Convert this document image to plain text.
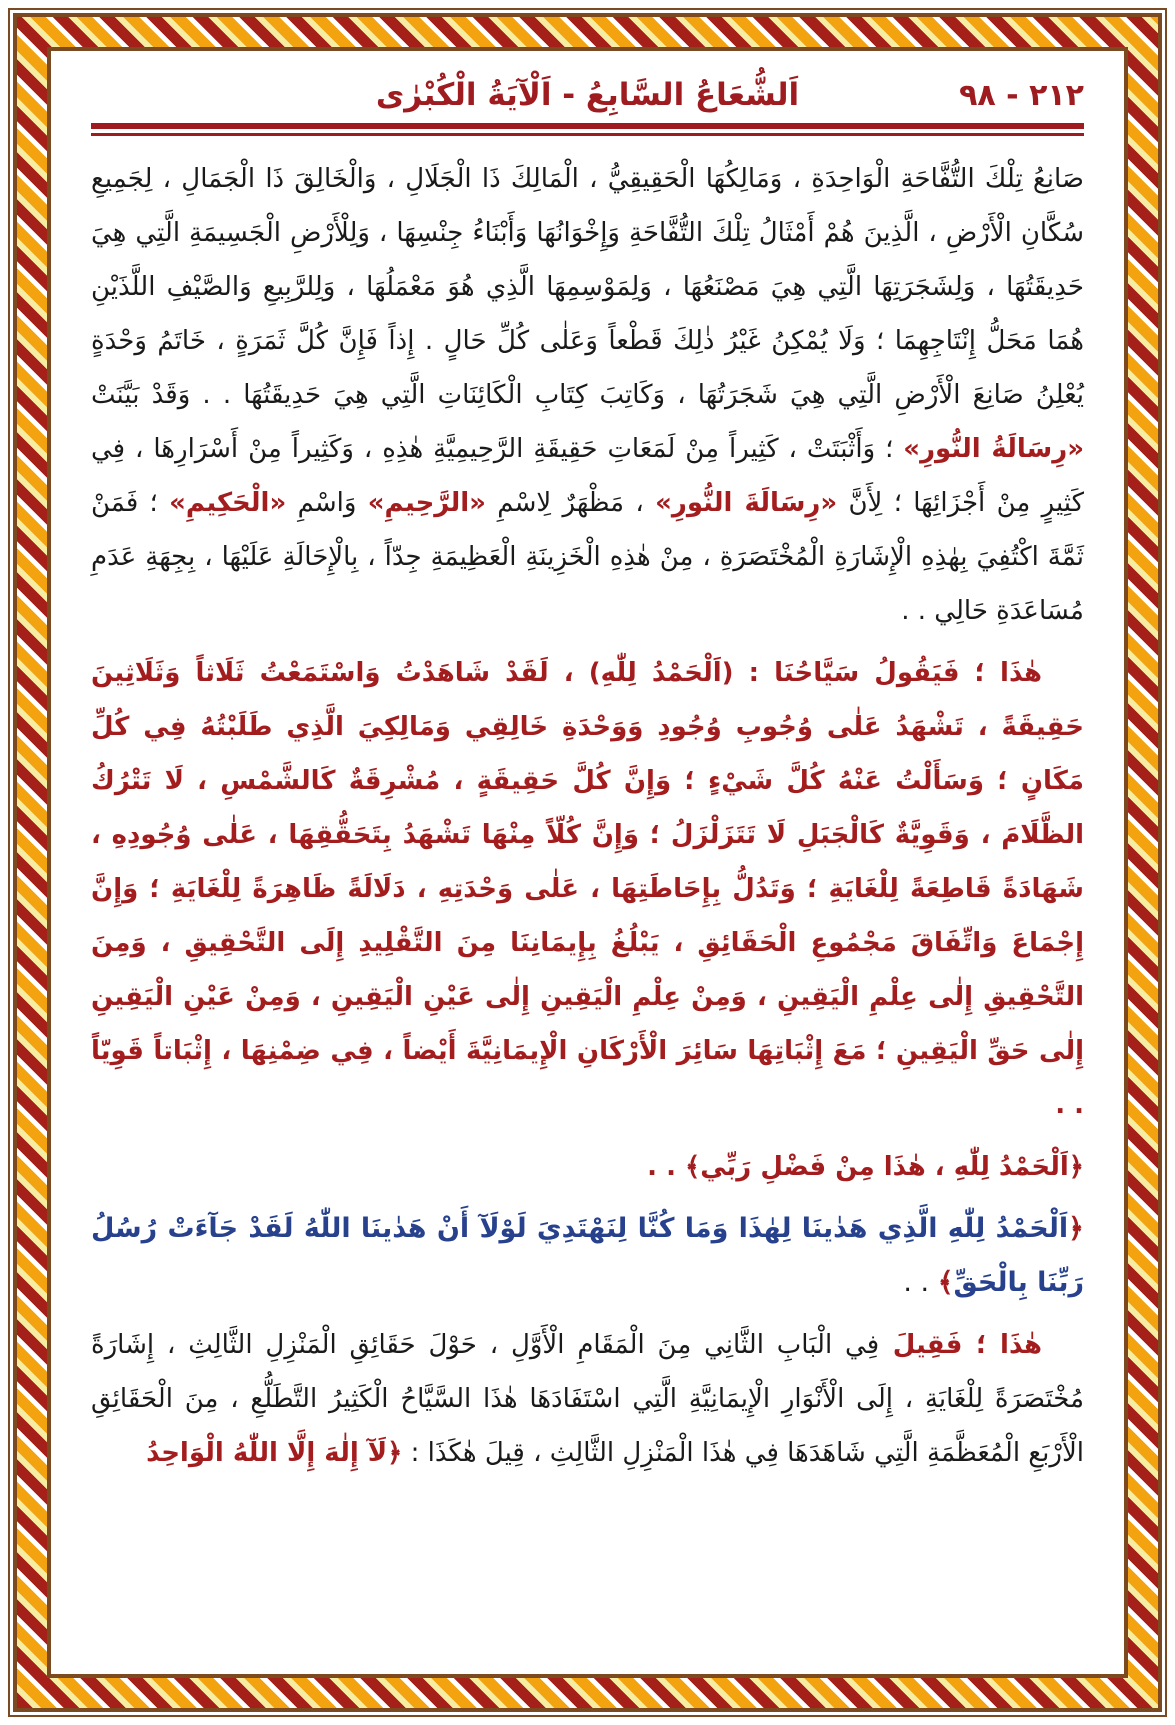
٢١٢ - ٩٨
اَلشُّعَاعُ السَّابِعُ - اَلْآيَةُ الْكُبْرٰى

صَانِعُ تِلْكَ التُّفَّاحَةِ الْوَاحِدَةِ ، وَمَالِكُهَا الْحَقِيقِيُّ ، الْمَالِكَ ذَا الْجَلَالِ ، وَالْخَالِقَ ذَا الْجَمَالِ ، لِجَمِيعِ سُكَّانِ الْأَرْضِ ، الَّذِينَ هُمْ أَمْثَالُ تِلْكَ التُّفَّاحَةِ وَإِخْوَانُهَا وَأَبْنَاءُ جِنْسِهَا ، وَلِلْأَرْضِ الْجَسِيمَةِ الَّتِي هِيَ حَدِيقَتُهَا ، وَلِشَجَرَتِهَا الَّتِي هِيَ مَصْنَعُهَا ، وَلِمَوْسِمِهَا الَّذِي هُوَ مَعْمَلُهَا ، وَلِلرَّبِيعِ وَالصَّيْفِ اللَّذَيْنِ هُمَا مَحَلُّ إِنْتَاجِهِمَا ؛ وَلَا يُمْكِنُ غَيْرُ ذٰلِكَ قَطْعاً وَعَلٰى كُلِّ حَالٍ . إِذاً فَإِنَّ كُلَّ ثَمَرَةٍ ، خَاتَمُ وَحْدَةٍ يُعْلِنُ صَانِعَ الْأَرْضِ الَّتِي هِيَ شَجَرَتُهَا ، وَكَاتِبَ كِتَابِ الْكَائِنَاتِ الَّتِي هِيَ حَدِيقَتُهَا . . وَقَدْ بَيَّنَتْ «رِسَالَةُ النُّورِ» ؛ وَأَثْبَتَتْ ، كَثِيراً مِنْ لَمَعَاتِ حَقِيقَةِ الرَّحِيمِيَّةِ هٰذِهِ ، وَكَثِيراً مِنْ أَسْرَارِهَا ، فِي كَثِيرٍ مِنْ أَجْزَائِهَا ؛ لِأَنَّ «رِسَالَةَ النُّورِ» ، مَظْهَرٌ لِاسْمِ «الرَّحِيمِ» وَاسْمِ «الْحَكِيمِ» ؛ فَمَنْ ثَمَّةَ اكْتُفِيَ بِهٰذِهِ الْإِشَارَةِ الْمُخْتَصَرَةِ ، مِنْ هٰذِهِ الْخَزِينَةِ الْعَظِيمَةِ جِدّاً ، بِالْإِحَالَةِ عَلَيْهَا ، بِجِهَةِ عَدَمِ مُسَاعَدَةِ حَالِي . .

هٰذَا ؛ فَيَقُولُ سَيَّاحُنَا : (اَلْحَمْدُ لِلّٰهِ) ، لَقَدْ شَاهَدْتُ وَاسْتَمَعْتُ ثَلَاثاً وَثَلَاثِينَ حَقِيقَةً ، تَشْهَدُ عَلٰى وُجُوبِ وُجُودِ وَوَحْدَةِ خَالِقِي وَمَالِكِيَ الَّذِي طَلَبْتُهُ فِي كُلِّ مَكَانٍ ؛ وَسَأَلْتُ عَنْهُ كُلَّ شَيْءٍ ؛ وَإِنَّ كُلَّ حَقِيقَةٍ ، مُشْرِقَةٌ كَالشَّمْسِ ، لَا تَتْرُكُ الظَّلَامَ ، وَقَوِيَّةٌ كَالْجَبَلِ لَا تَتَزَلْزَلُ ؛ وَإِنَّ كُلّاً مِنْهَا تَشْهَدُ بِتَحَقُّقِهَا ، عَلٰى وُجُودِهِ ، شَهَادَةً قَاطِعَةً لِلْغَايَةِ ؛ وَتَدُلُّ بِإِحَاطَتِهَا ، عَلٰى وَحْدَتِهِ ، دَلَالَةً ظَاهِرَةً لِلْغَايَةِ ؛ وَإِنَّ إِجْمَاعَ وَاتِّفَاقَ مَجْمُوعِ الْحَقَائِقِ ، يَبْلُغُ بِإِيمَانِنَا مِنَ التَّقْلِيدِ إِلَى التَّحْقِيقِ ، وَمِنَ التَّحْقِيقِ إِلٰى عِلْمِ الْيَقِينِ ، وَمِنْ عِلْمِ الْيَقِينِ إِلٰى عَيْنِ الْيَقِينِ ، وَمِنْ عَيْنِ الْيَقِينِ إِلٰى حَقِّ الْيَقِينِ ؛ مَعَ إِثْبَاتِهَا سَائِرَ الْأَرْكَانِ الْإِيمَانِيَّةَ أَيْضاً ، فِي ضِمْنِهَا ، إِثْبَاتاً قَوِيّاً . .

﴿اَلْحَمْدُ لِلّٰهِ ، هٰذَا مِنْ فَضْلِ رَبِّي﴾ . .

﴿اَلْحَمْدُ لِلّٰهِ الَّذِي هَدٰينَا لِهٰذَا وَمَا كُنَّا لِنَهْتَدِيَ لَوْلَآ أَنْ هَدٰينَا اللّٰهُ لَقَدْ جَآءَتْ رُسُلُ رَبِّنَا بِالْحَقِّ﴾ . .

هٰذَا ؛ فَقِيلَ فِي الْبَابِ الثَّانِي مِنَ الْمَقَامِ الْأَوَّلِ ، حَوْلَ حَقَائِقِ الْمَنْزِلِ الثَّالِثِ ، إِشَارَةً مُخْتَصَرَةً لِلْغَايَةِ ، إِلَى الْأَنْوَارِ الْإِيمَانِيَّةِ الَّتِي اسْتَفَادَهَا هٰذَا السَّيَّاحُ الْكَثِيرُ التَّطَلُّعِ ، مِنَ الْحَقَائِقِ الْأَرْبَعِ الْمُعَظَّمَةِ الَّتِي شَاهَدَهَا فِي هٰذَا الْمَنْزِلِ الثَّالِثِ ، قِيلَ هٰكَذَا : ﴿لَآ إِلٰهَ إِلَّا اللّٰهُ الْوَاحِدُ
